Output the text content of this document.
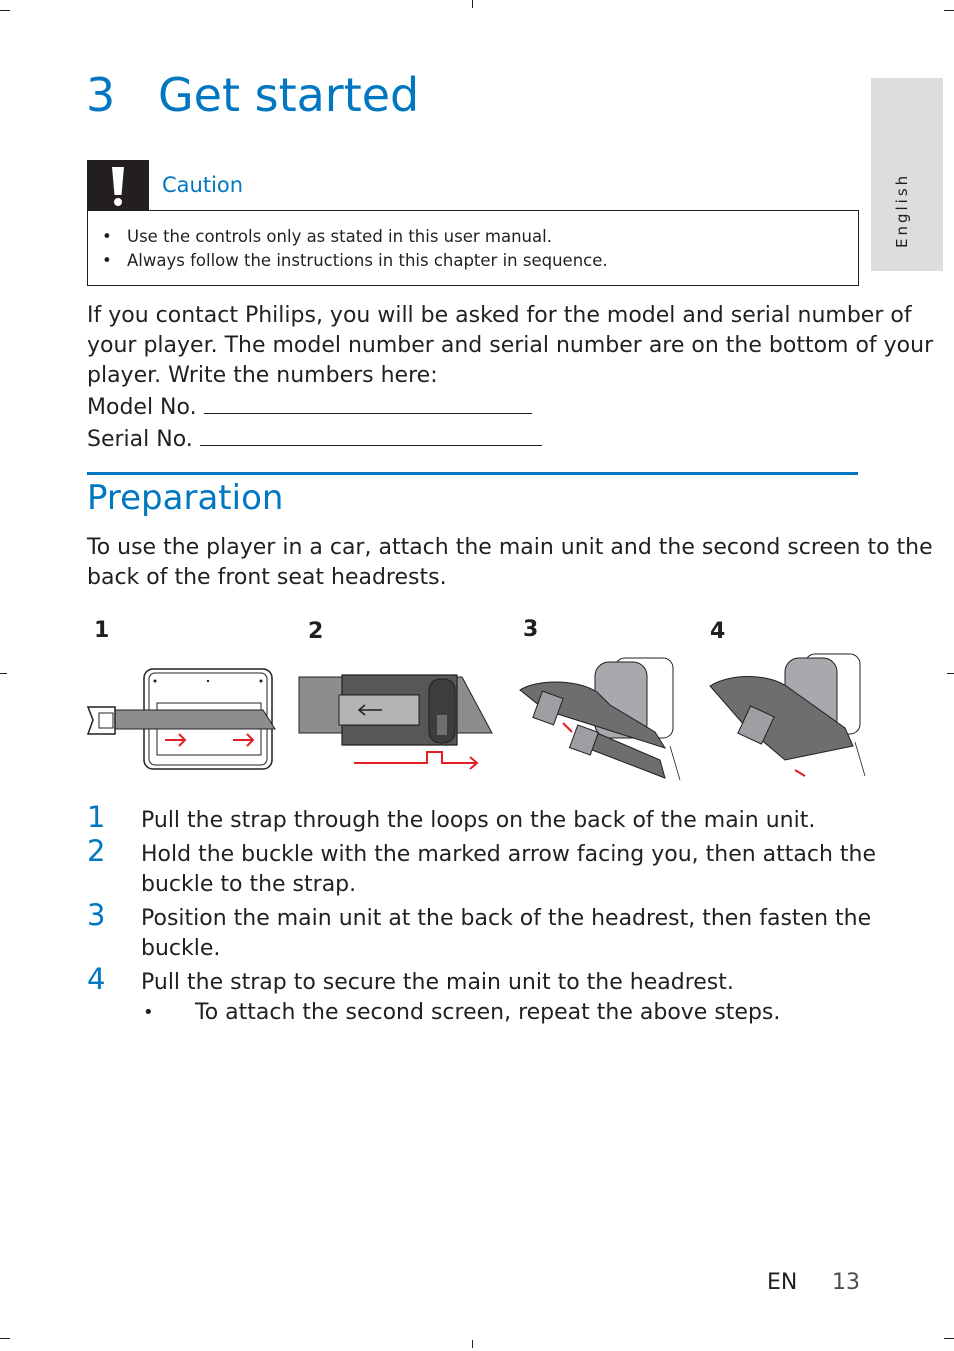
3 Get started
English
Caution
• Use the controls only as stated in this user manual.
• Always follow the instructions in this chapter in sequence.
If you contact Philips, you will be asked for the model and serial number of
your player. The model number and serial number are on the bottom of your
player. Write the numbers here:
Model No.
Serial No.
Preparation
To use the player in a car, attach the main unit and the second screen to the
back of the front seat headrests.
1	2	3	4
1 Pull the strap through the loops on the back of the main unit.
2 Hold the buckle with the marked arrow facing you, then attach the
buckle to the strap.
3 Position the main unit at the back of the headrest, then fasten the
buckle.
4 Pull the strap to secure the main unit to the headrest.
• To attach the second screen, repeat the above steps.
EN 13
